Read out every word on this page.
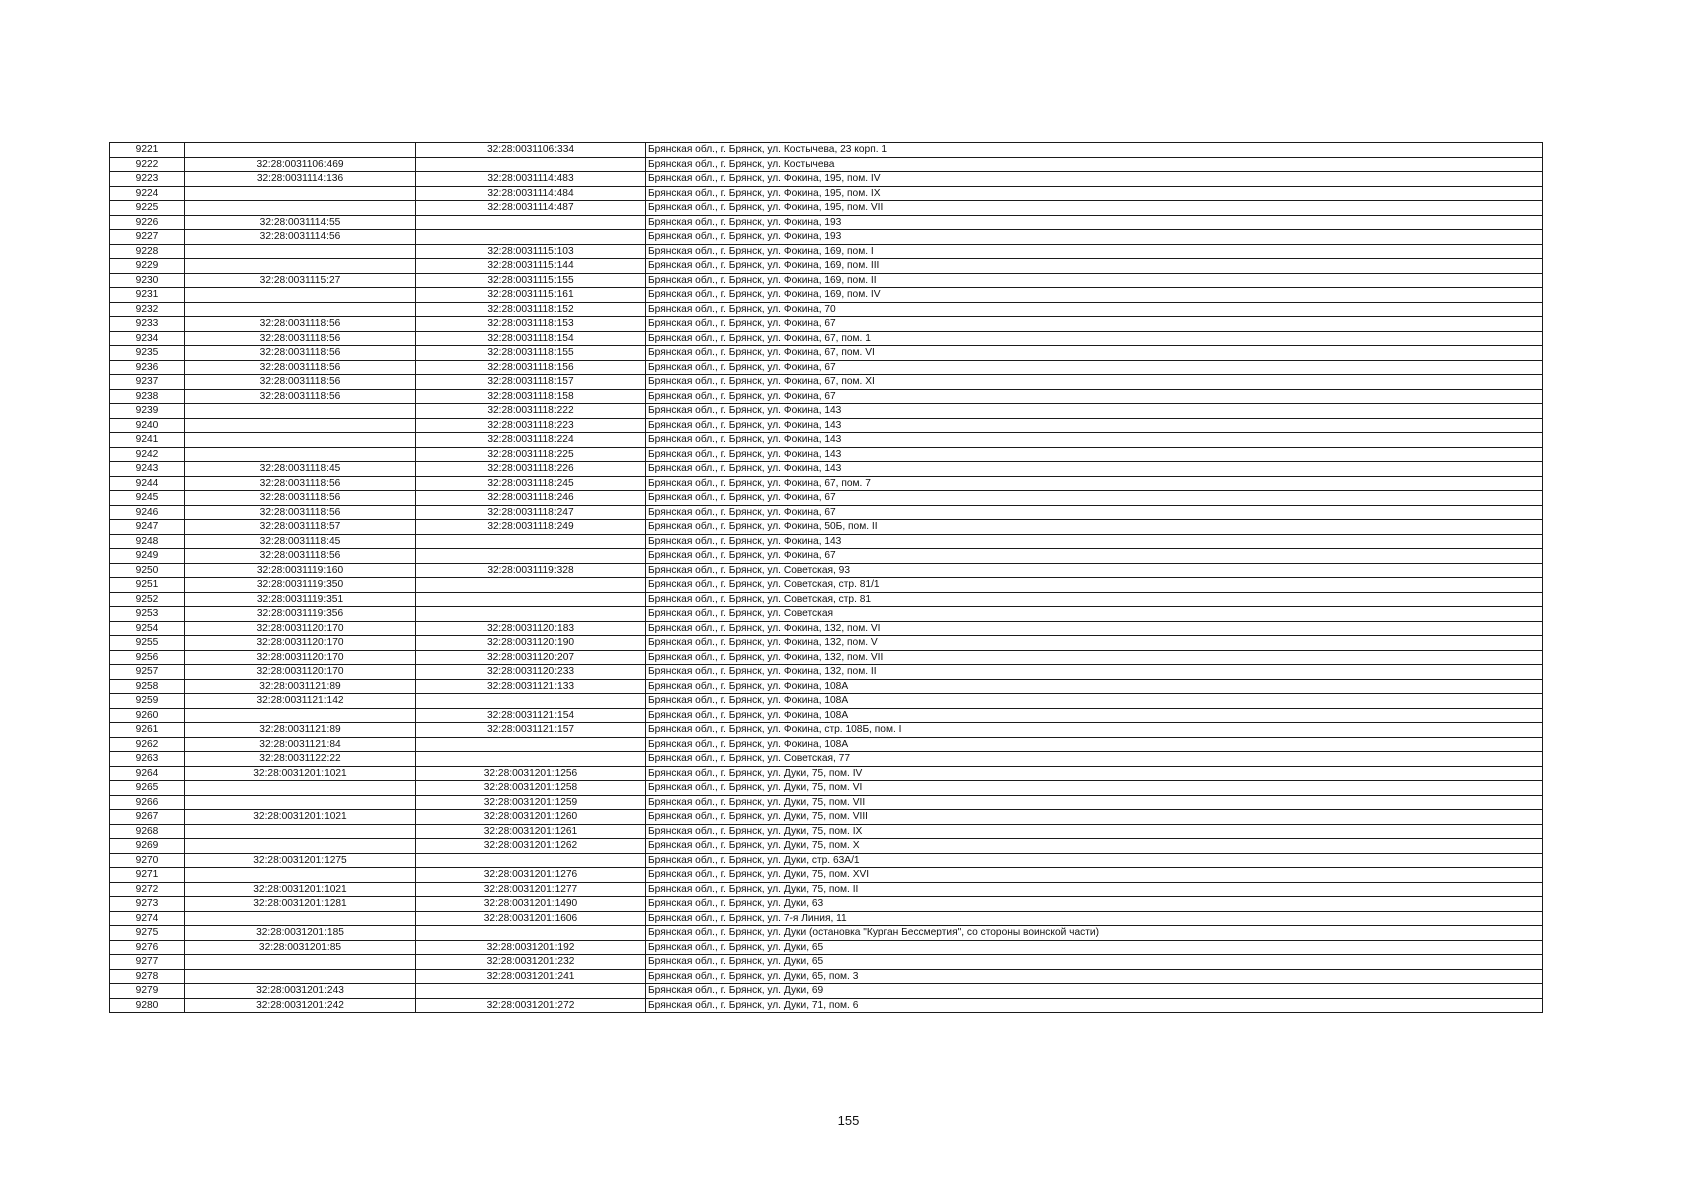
9221		32:28:0031106:334	Брянская обл., г. Брянск, ул. Костычева, 23 корп. 1
9222	32:28:0031106:469		Брянская обл., г. Брянск, ул. Костычева
9223	32:28:0031114:136	32:28:0031114:483	Брянская обл., г. Брянск, ул. Фокина, 195, пом. IV
9224		32:28:0031114:484	Брянская обл., г. Брянск, ул. Фокина, 195, пом. IX
9225		32:28:0031114:487	Брянская обл., г. Брянск, ул. Фокина, 195, пом. VII
9226	32:28:0031114:55		Брянская обл., г. Брянск, ул. Фокина, 193
9227	32:28:0031114:56		Брянская обл., г. Брянск, ул. Фокина, 193
9228		32:28:0031115:103	Брянская обл., г. Брянск, ул. Фокина, 169, пом. I
9229		32:28:0031115:144	Брянская обл., г. Брянск, ул. Фокина, 169, пом. III
9230	32:28:0031115:27	32:28:0031115:155	Брянская обл., г. Брянск, ул. Фокина, 169, пом. II
9231		32:28:0031115:161	Брянская обл., г. Брянск, ул. Фокина, 169, пом. IV
9232		32:28:0031118:152	Брянская обл., г. Брянск, ул. Фокина, 70
9233	32:28:0031118:56	32:28:0031118:153	Брянская обл., г. Брянск, ул. Фокина, 67
9234	32:28:0031118:56	32:28:0031118:154	Брянская обл., г. Брянск, ул. Фокина, 67, пом. 1
9235	32:28:0031118:56	32:28:0031118:155	Брянская обл., г. Брянск, ул. Фокина, 67, пом. VI
9236	32:28:0031118:56	32:28:0031118:156	Брянская обл., г. Брянск, ул. Фокина, 67
9237	32:28:0031118:56	32:28:0031118:157	Брянская обл., г. Брянск, ул. Фокина, 67, пом. XI
9238	32:28:0031118:56	32:28:0031118:158	Брянская обл., г. Брянск, ул. Фокина, 67
9239		32:28:0031118:222	Брянская обл., г. Брянск, ул. Фокина, 143
9240		32:28:0031118:223	Брянская обл., г. Брянск, ул. Фокина, 143
9241		32:28:0031118:224	Брянская обл., г. Брянск, ул. Фокина, 143
9242		32:28:0031118:225	Брянская обл., г. Брянск, ул. Фокина, 143
9243	32:28:0031118:45	32:28:0031118:226	Брянская обл., г. Брянск, ул. Фокина, 143
9244	32:28:0031118:56	32:28:0031118:245	Брянская обл., г. Брянск, ул. Фокина, 67, пом. 7
9245	32:28:0031118:56	32:28:0031118:246	Брянская обл., г. Брянск, ул. Фокина, 67
9246	32:28:0031118:56	32:28:0031118:247	Брянская обл., г. Брянск, ул. Фокина, 67
9247	32:28:0031118:57	32:28:0031118:249	Брянская обл., г. Брянск, ул. Фокина, 50Б, пом. II
9248	32:28:0031118:45		Брянская обл., г. Брянск, ул. Фокина, 143
9249	32:28:0031118:56		Брянская обл., г. Брянск, ул. Фокина, 67
9250	32:28:0031119:160	32:28:0031119:328	Брянская обл., г. Брянск, ул. Советская, 93
9251	32:28:0031119:350		Брянская обл., г. Брянск, ул. Советская, стр. 81/1
9252	32:28:0031119:351		Брянская обл., г. Брянск, ул. Советская, стр. 81
9253	32:28:0031119:356		Брянская обл., г. Брянск, ул. Советская
9254	32:28:0031120:170	32:28:0031120:183	Брянская обл., г. Брянск, ул. Фокина, 132, пом. VI
9255	32:28:0031120:170	32:28:0031120:190	Брянская обл., г. Брянск, ул. Фокина, 132, пом. V
9256	32:28:0031120:170	32:28:0031120:207	Брянская обл., г. Брянск, ул. Фокина, 132, пом. VII
9257	32:28:0031120:170	32:28:0031120:233	Брянская обл., г. Брянск, ул. Фокина, 132, пом. II
9258	32:28:0031121:89	32:28:0031121:133	Брянская обл., г. Брянск, ул. Фокина, 108А
9259	32:28:0031121:142		Брянская обл., г. Брянск, ул. Фокина, 108А
9260		32:28:0031121:154	Брянская обл., г. Брянск, ул. Фокина, 108А
9261	32:28:0031121:89	32:28:0031121:157	Брянская обл., г. Брянск, ул. Фокина, стр. 108Б, пом. I
9262	32:28:0031121:84		Брянская обл., г. Брянск, ул. Фокина, 108А
9263	32:28:0031122:22		Брянская обл., г. Брянск, ул. Советская, 77
9264	32:28:0031201:1021	32:28:0031201:1256	Брянская обл., г. Брянск, ул. Дуки, 75, пом. IV
9265		32:28:0031201:1258	Брянская обл., г. Брянск, ул. Дуки, 75, пом. VI
9266		32:28:0031201:1259	Брянская обл., г. Брянск, ул. Дуки, 75, пом. VII
9267	32:28:0031201:1021	32:28:0031201:1260	Брянская обл., г. Брянск, ул. Дуки, 75, пом. VIII
9268		32:28:0031201:1261	Брянская обл., г. Брянск, ул. Дуки, 75, пом. IX
9269		32:28:0031201:1262	Брянская обл., г. Брянск, ул. Дуки, 75, пом. X
9270	32:28:0031201:1275		Брянская обл., г. Брянск, ул. Дуки, стр. 63А/1
9271		32:28:0031201:1276	Брянская обл., г. Брянск, ул. Дуки, 75, пом. XVI
9272	32:28:0031201:1021	32:28:0031201:1277	Брянская обл., г. Брянск, ул. Дуки, 75, пом. II
9273	32:28:0031201:1281	32:28:0031201:1490	Брянская обл., г. Брянск, ул. Дуки, 63
9274		32:28:0031201:1606	Брянская обл., г. Брянск, ул. 7-я Линия, 11
9275	32:28:0031201:185		Брянская обл., г. Брянск, ул. Дуки (остановка "Курган Бессмертия", со стороны воинской части)
9276	32:28:0031201:85	32:28:0031201:192	Брянская обл., г. Брянск, ул. Дуки, 65
9277		32:28:0031201:232	Брянская обл., г. Брянск, ул. Дуки, 65
9278		32:28:0031201:241	Брянская обл., г. Брянск, ул. Дуки, 65, пом. 3
9279	32:28:0031201:243		Брянская обл., г. Брянск, ул. Дуки, 69
9280	32:28:0031201:242	32:28:0031201:272	Брянская обл., г. Брянск, ул. Дуки, 71, пом. 6
155
